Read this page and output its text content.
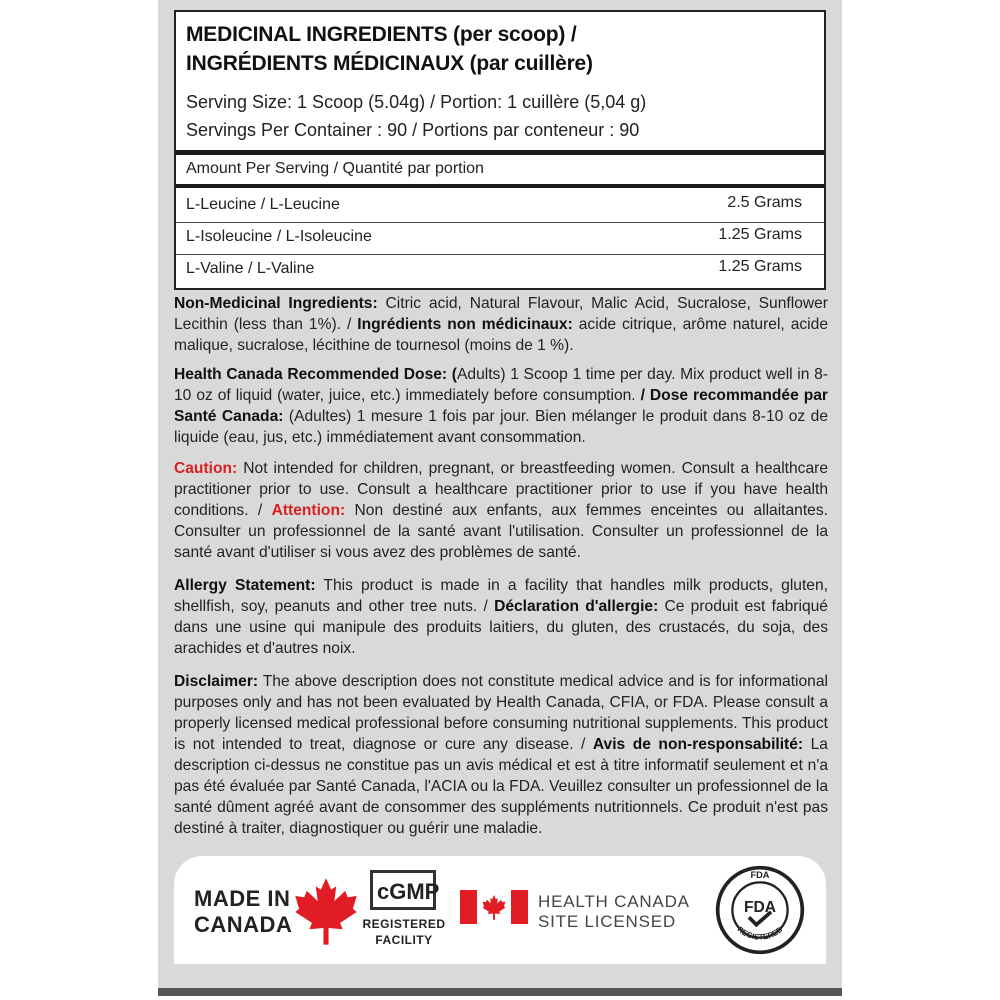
MEDICINAL INGREDIENTS (per scoop) /
INGRÉDIENTS MÉDICINAUX (par cuillère)
Serving Size: 1 Scoop (5.04g) / Portion: 1 cuillère (5,04 g)
Servings Per Container : 90 / Portions par conteneur : 90
Amount Per Serving / Quantité par portion
L-Leucine / L-Leucine	2.5 Grams
L-Isoleucine / L-Isoleucine	1.25 Grams
L-Valine / L-Valine	1.25 Grams
Non-Medicinal Ingredients: Citric acid, Natural Flavour, Malic Acid, Sucralose, Sunflower Lecithin (less than 1%). / Ingrédients non médicinaux: acide citrique, arôme naturel, acide malique, sucralose, lécithine de tournesol (moins de 1 %).
Health Canada Recommended Dose: (Adults) 1 Scoop 1 time per day. Mix product well in 8-10 oz of liquid (water, juice, etc.) immediately before consumption. / Dose recommandée par Santé Canada: (Adultes) 1 mesure 1 fois par jour. Bien mélanger le produit dans 8-10 oz de liquide (eau, jus, etc.) immédiatement avant consommation.
Caution: Not intended for children, pregnant, or breastfeeding women. Consult a healthcare practitioner prior to use. Consult a healthcare practitioner prior to use if you have health conditions. / Attention: Non destiné aux enfants, aux femmes enceintes ou allaitantes. Consulter un professionnel de la santé avant l'utilisation. Consulter un professionnel de la santé avant d'utiliser si vous avez des problèmes de santé.
Allergy Statement: This product is made in a facility that handles milk products, gluten, shellfish, soy, peanuts and other tree nuts. / Déclaration d'allergie: Ce produit est fabriqué dans une usine qui manipule des produits laitiers, du gluten, des crustacés, du soja, des arachides et d'autres noix.
Disclaimer: The above description does not constitute medical advice and is for informational purposes only and has not been evaluated by Health Canada, CFIA, or FDA. Please consult a properly licensed medical professional before consuming nutritional supplements. This product is not intended to treat, diagnose or cure any disease. / Avis de non-responsabilité: La description ci-dessus ne constitue pas un avis médical et est à titre informatif seulement et n'a pas été évaluée par Santé Canada, l'ACIA ou la FDA. Veuillez consulter un professionnel de la santé dûment agréé avant de consommer des suppléments nutritionnels. Ce produit n'est pas destiné à traiter, diagnostiquer ou guérir une maladie.
MADE IN
CANADA
cGMP
REGISTERED
FACILITY
HEALTH CANADA
SITE LICENSED
FDA
FDA
REGISTERED
